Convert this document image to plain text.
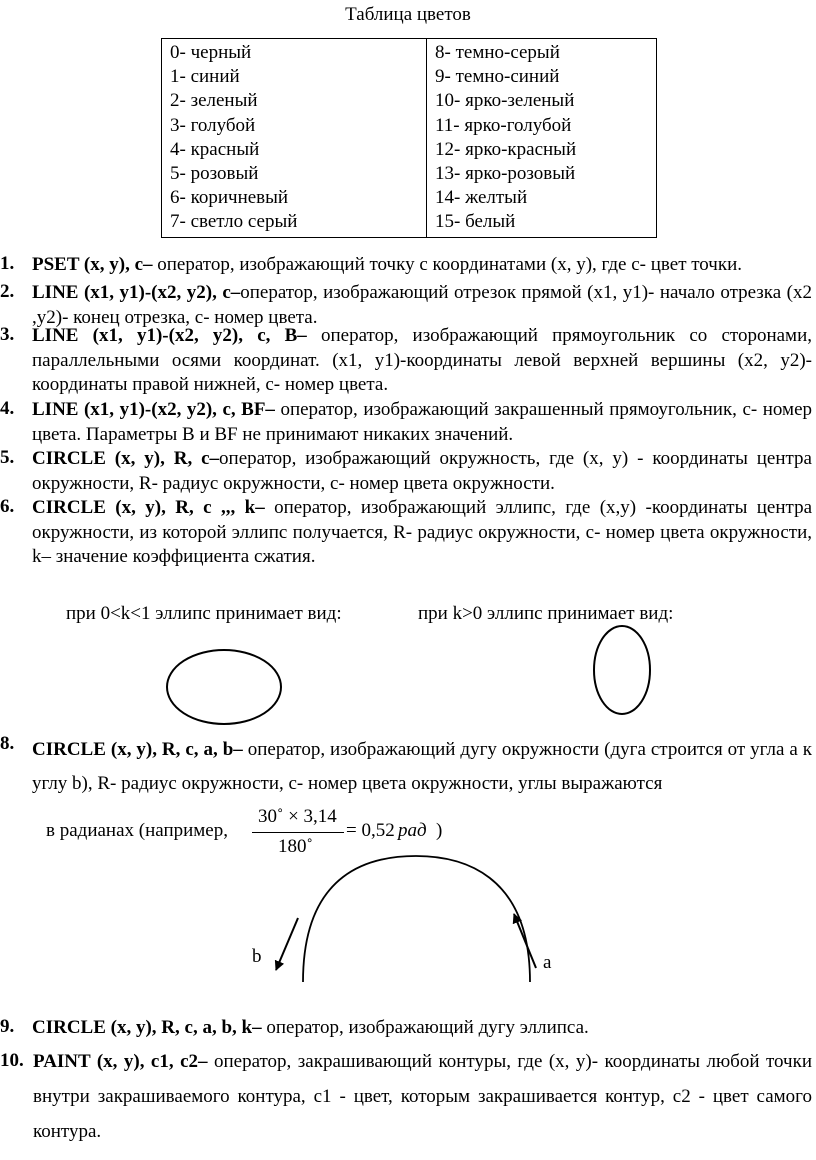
Таблица цветов
0- черный
1- синий
2- зеленый
3- голубой
4- красный
5- розовый
6- коричневый
7- светло серый

8- темно-серый
9- темно-синий
10- ярко-зеленый
11- ярко-голубой
12- ярко-красный
13- ярко-розовый
14- желтый
15- белый
1. PSET (x, y), c– оператор, изображающий точку с координатами (x, y), где c- цвет точки.
2. LINE (x1, y1)-(x2, y2), c–оператор, изображающий отрезок прямой (x1, y1)- начало отрезка (x2 ,y2)- конец отрезка, с- номер цвета.
3. LINE (x1, y1)-(x2, y2), c, B– оператор, изображающий прямоугольник со сторонами, параллельными осями координат. (x1, y1)-координаты левой верхней вершины (x2, y2)-координаты правой нижней, с- номер цвета.
4. LINE (x1, y1)-(x2, y2), c, BF– оператор, изображающий закрашенный прямоугольник, с- номер цвета. Параметры B и BF не принимают никаких значений.
5. CIRCLE (x, y), R, c–оператор, изображающий окружность, где (x, y) - координаты центра окружности, R- радиус окружности, с- номер цвета окружности.
6. CIRCLE (x, y), R, c ,,, k– оператор, изображающий эллипс, где (x,y) -координаты центра окружности, из которой эллипс получается, R- радиус окружности, с- номер цвета окружности, k– значение коэффициента сжатия.
при 0<k<1 эллипс принимает вид:	при k>0 эллипс принимает вид:
8. CIRCLE (x, y), R, c, a, b– оператор, изображающий дугу окружности (дуга строится от угла a к углу b), R- радиус окружности, с- номер цвета окружности, углы выражаются
в радианах (например,
30˚ × 3,14
180˚
= 0,52 рад )
b	a
9. CIRCLE (x, y), R, c, a, b, k– оператор, изображающий дугу эллипса.
10. PAINT (x, y), c1, c2– оператор, закрашивающий контуры, где (x, y)- координаты любой точки внутри закрашиваемого контура, c1 - цвет, которым закрашивается контур, c2 - цвет самого контура.
